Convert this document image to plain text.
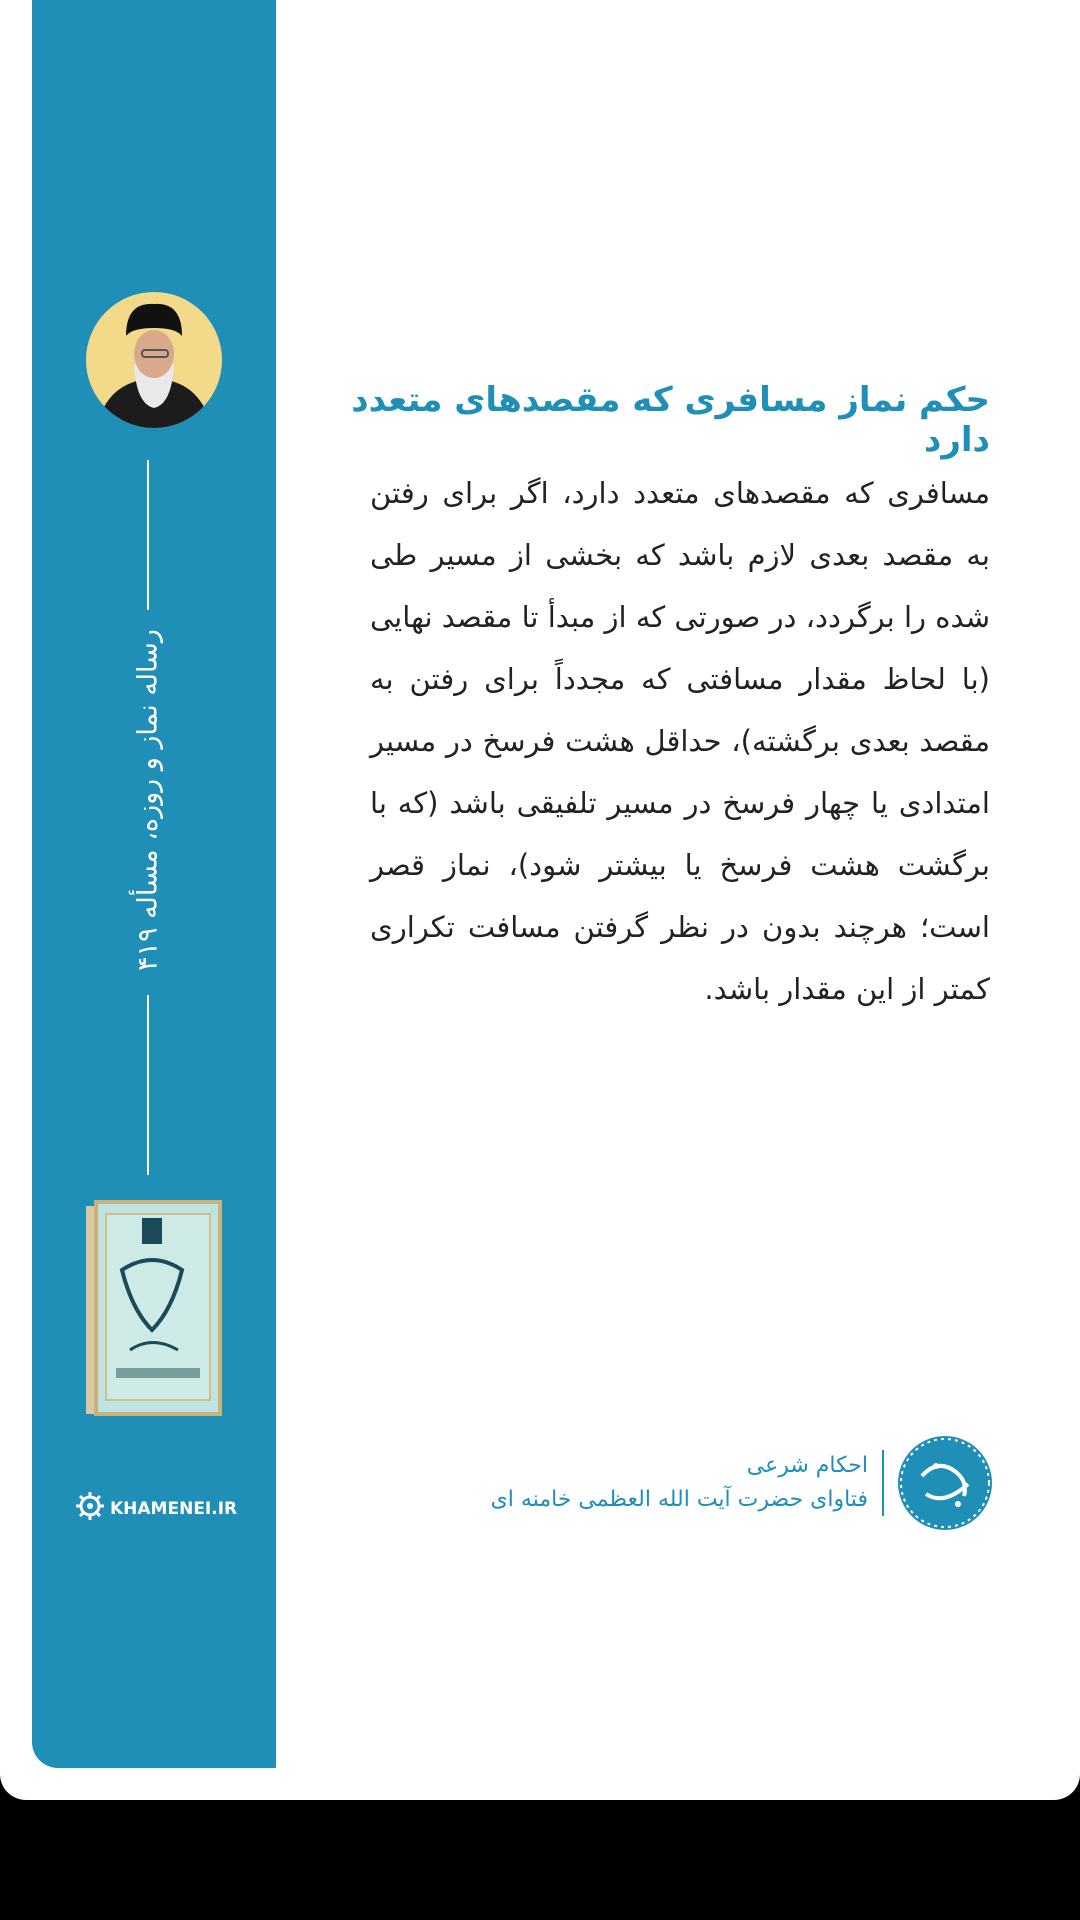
رساله نماز و روزه، مسأله ۴۱۹
KHAMENEI.IR
حکم نماز مسافری که مقصدهای متعدد دارد
مسافری که مقصدهای متعدد دارد، اگر برای رفتن به مقصد بعدی لازم باشد که بخشی از مسیر طی شده را برگردد، در صورتی که از مبدأ تا مقصد نهایی (با لحاظ مقدار مسافتی که مجدداً برای رفتن به مقصد بعدی برگشته)، حداقل هشت فرسخ در مسیر امتدادی یا چهار فرسخ در مسیر تلفیقی باشد (که با برگشت هشت فرسخ یا بیشتر شود)، نماز قصر است؛ هرچند بدون در نظر گرفتن مسافت تکراری کمتر از این مقدار باشد.
احکام شرعی
فتاوای حضرت آیت الله العظمی خامنه ای
